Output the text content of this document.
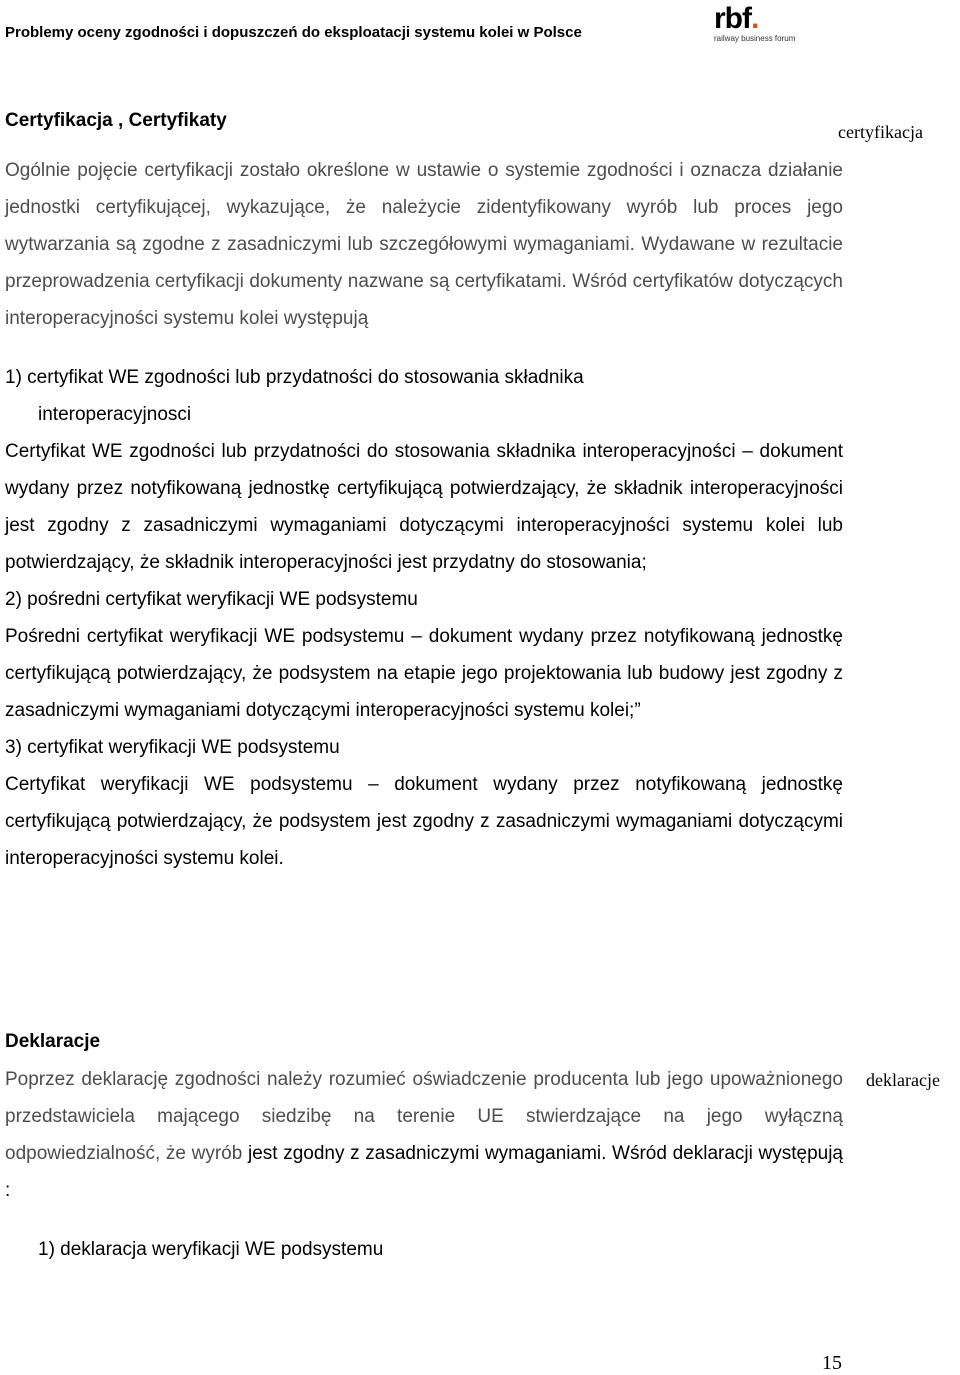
Problemy oceny zgodności i dopuszczeń do eksploatacji systemu kolei w Polsce	rbf.
railway business forum
Certyfikacja , Certyfikaty
certyfikacja

Ogólnie pojęcie certyfikacji zostało określone w ustawie o systemie zgodności i oznacza działanie jednostki certyfikującej, wykazujące, że należycie zidentyfikowany wyrób lub proces jego wytwarzania są zgodne z zasadniczymi lub szczegółowymi wymaganiami. Wydawane w rezultacie przeprowadzenia certyfikacji dokumenty nazwane są certyfikatami. Wśród certyfikatów dotyczących interoperacyjności systemu kolei występują

1) certyfikat WE zgodności lub przydatności do stosowania składnika

interoperacyjnosci

Certyfikat WE zgodności lub przydatności do stosowania składnika interoperacyjności – dokument wydany przez notyfikowaną jednostkę certyfikującą potwierdzający, że składnik interoperacyjności jest zgodny z zasadniczymi wymaganiami dotyczącymi interoperacyjności systemu kolei lub potwierdzający, że składnik interoperacyjności jest przydatny do stosowania;

2) pośredni certyfikat weryfikacji WE podsystemu

Pośredni certyfikat weryfikacji WE podsystemu – dokument wydany przez notyfikowaną jednostkę certyfikującą potwierdzający, że podsystem na etapie jego projektowania lub budowy jest zgodny z zasadniczymi wymaganiami dotyczącymi interoperacyjności systemu kolei;”

3) certyfikat weryfikacji WE podsystemu

Certyfikat weryfikacji WE podsystemu – dokument wydany przez notyfikowaną jednostkę certyfikującą potwierdzający, że podsystem jest zgodny z zasadniczymi wymaganiami dotyczącymi interoperacyjności systemu kolei.

Deklaracje
deklaracje

Poprzez deklarację zgodności należy rozumieć oświadczenie producenta lub jego upoważnionego przedstawiciela mającego siedzibę na terenie UE stwierdzające na jego wyłączną odpowiedzialność, że wyrób jest zgodny z zasadniczymi wymaganiami. Wśród deklaracji występują :

1) deklaracja weryfikacji WE podsystemu

15
